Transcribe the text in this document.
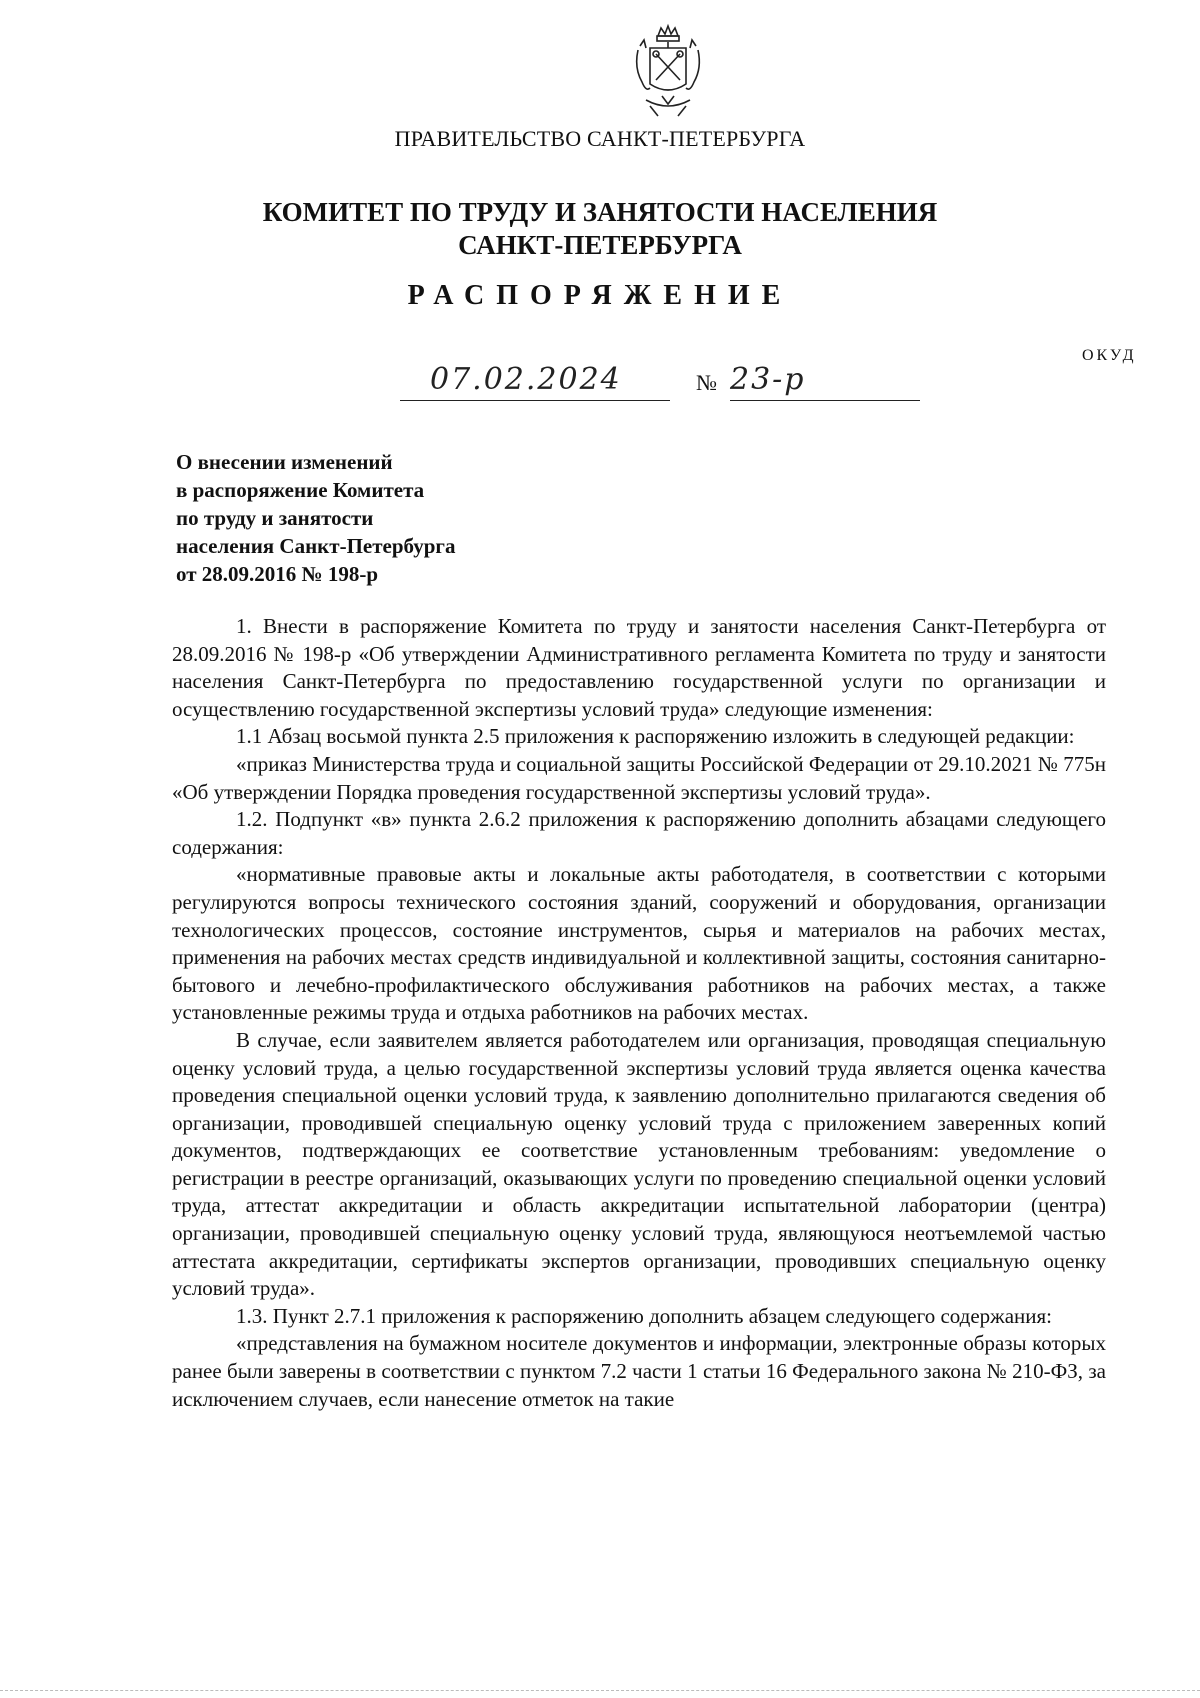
ПРАВИТЕЛЬСТВО САНКТ-ПЕТЕРБУРГА
КОМИТЕТ ПО ТРУДУ И ЗАНЯТОСТИ НАСЕЛЕНИЯ
САНКТ-ПЕТЕРБУРГА
РАСПОРЯЖЕНИЕ
ОКУД
07.02.2024	№ 23-р
О внесении изменений
в распоряжение Комитета
по труду и занятости
населения Санкт-Петербурга
от 28.09.2016 № 198-р

1. Внести в распоряжение Комитета по труду и занятости населения Санкт-Петербурга от 28.09.2016 № 198-р «Об утверждении Административного регламента Комитета по труду и занятости населения Санкт-Петербурга по предоставлению государственной услуги по организации и осуществлению государственной экспертизы условий труда» следующие изменения:

1.1 Абзац восьмой пункта 2.5 приложения к распоряжению изложить в следующей редакции:

«приказ Министерства труда и социальной защиты Российской Федерации от 29.10.2021 № 775н «Об утверждении Порядка проведения государственной экспертизы условий труда».

1.2. Подпункт «в» пункта 2.6.2 приложения к распоряжению дополнить абзацами следующего содержания:

«нормативные правовые акты и локальные акты работодателя, в соответствии с которыми регулируются вопросы технического состояния зданий, сооружений и оборудования, организации технологических процессов, состояние инструментов, сырья и материалов на рабочих местах, применения на рабочих местах средств индивидуальной и коллективной защиты, состояния санитарно-бытового и лечебно-профилактического обслуживания работников на рабочих местах, а также установленные режимы труда и отдыха работников на рабочих местах.

В случае, если заявителем является работодателем или организация, проводящая специальную оценку условий труда, а целью государственной экспертизы условий труда является оценка качества проведения специальной оценки условий труда, к заявлению дополнительно прилагаются сведения об организации, проводившей специальную оценку условий труда с приложением заверенных копий документов, подтверждающих ее соответствие установленным требованиям: уведомление о регистрации в реестре организаций, оказывающих услуги по проведению специальной оценки условий труда, аттестат аккредитации и область аккредитации испытательной лаборатории (центра) организации, проводившей специальную оценку условий труда, являющуюся неотъемлемой частью аттестата аккредитации, сертификаты экспертов организации, проводивших специальную оценку условий труда».

1.3. Пункт 2.7.1 приложения к распоряжению дополнить абзацем следующего содержания:

«представления на бумажном носителе документов и информации, электронные образы которых ранее были заверены в соответствии с пунктом 7.2 части 1 статьи 16 Федерального закона № 210-ФЗ, за исключением случаев, если нанесение отметок на такие
